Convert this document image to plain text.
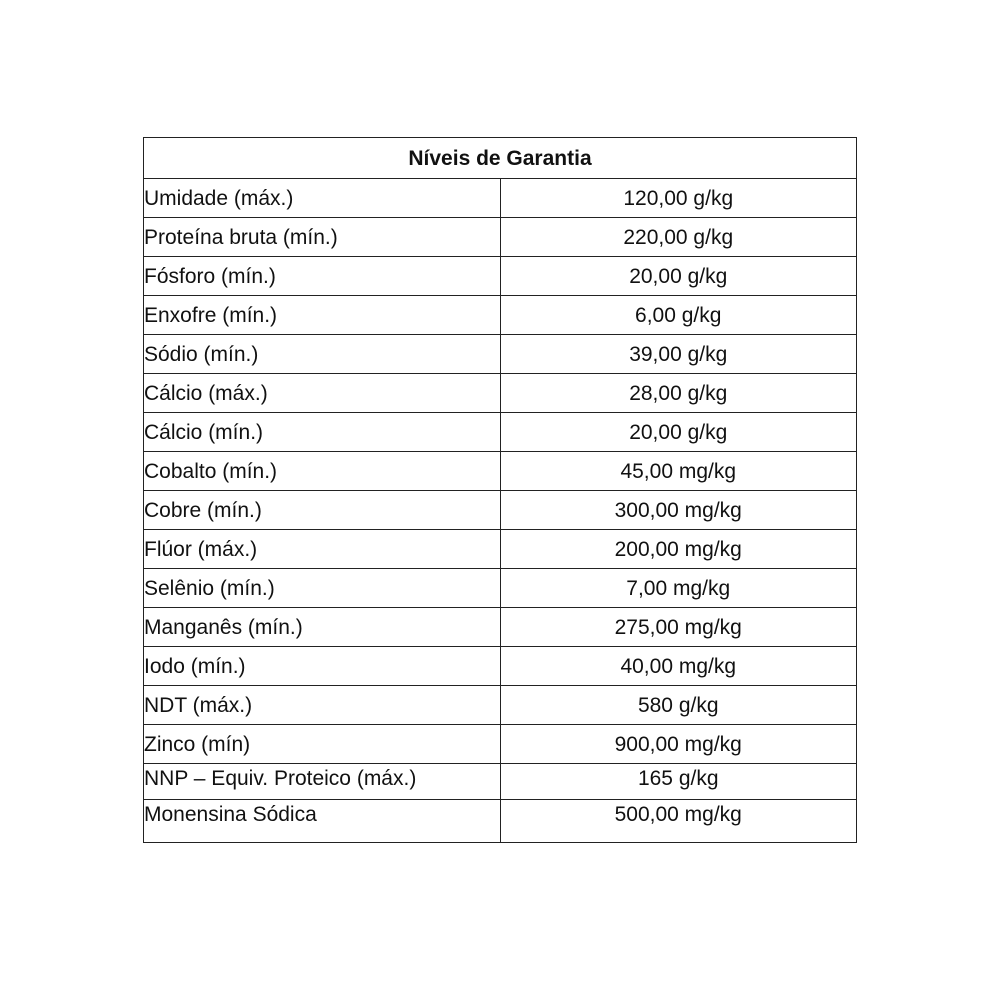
Níveis de Garantia	
Umidade (máx.)	120,00 g/kg
Proteína bruta (mín.)	220,00 g/kg
Fósforo (mín.)	20,00 g/kg
Enxofre (mín.)	6,00 g/kg
Sódio (mín.)	39,00 g/kg
Cálcio (máx.)	28,00 g/kg
Cálcio (mín.)	20,00 g/kg
Cobalto (mín.)	45,00 mg/kg
Cobre (mín.)	300,00 mg/kg
Flúor (máx.)	200,00 mg/kg
Selênio (mín.)	7,00 mg/kg
Manganês (mín.)	275,00 mg/kg
Iodo (mín.)	40,00 mg/kg
NDT (máx.)	580 g/kg
Zinco (mín)	900,00 mg/kg
NNP – Equiv. Proteico (máx.)	165 g/kg
Monensina Sódica	500,00 mg/kg
